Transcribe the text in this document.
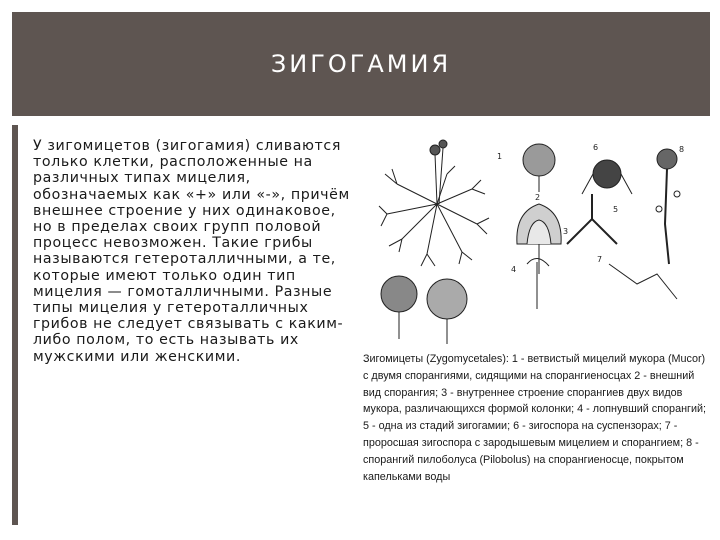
ЗИГОГАМИЯ

У зигомицетов (зигогамия) сливаются только клетки, расположенные на различных типах мицелия, обозначаемых как «+» или «-», причём внешнее строение у них одинаковое, но в пределах своих групп половой процесс невозможен. Такие грибы называются гетероталличными, а те, которые имеют только один тип мицелия — гомоталличными. Разные типы мицелия у гетероталличных грибов не следует связывать с каким-либо полом, то есть называть их мужскими или женскими.

1
2
3
4
5
6
7
8

Зигомицеты (Zygomycetales): 1 - ветвистый мицелий мукора (Mucor) с двумя спорангиями, сидящими на спорангиеносцах 2 - внешний вид спорангия; 3 - внутреннее строение спорангиев двух видов мукора, различающихся формой колонки; 4 - лопнувший спорангий; 5 - одна из стадий зигогамии; 6 - зигоспора на суспензорах; 7 - проросшая зигоспора с зародышевым мицелием и спорангием; 8 - спорангий пилоболуса (Pilobolus) на спорангиеносце, покрытом капельками воды
